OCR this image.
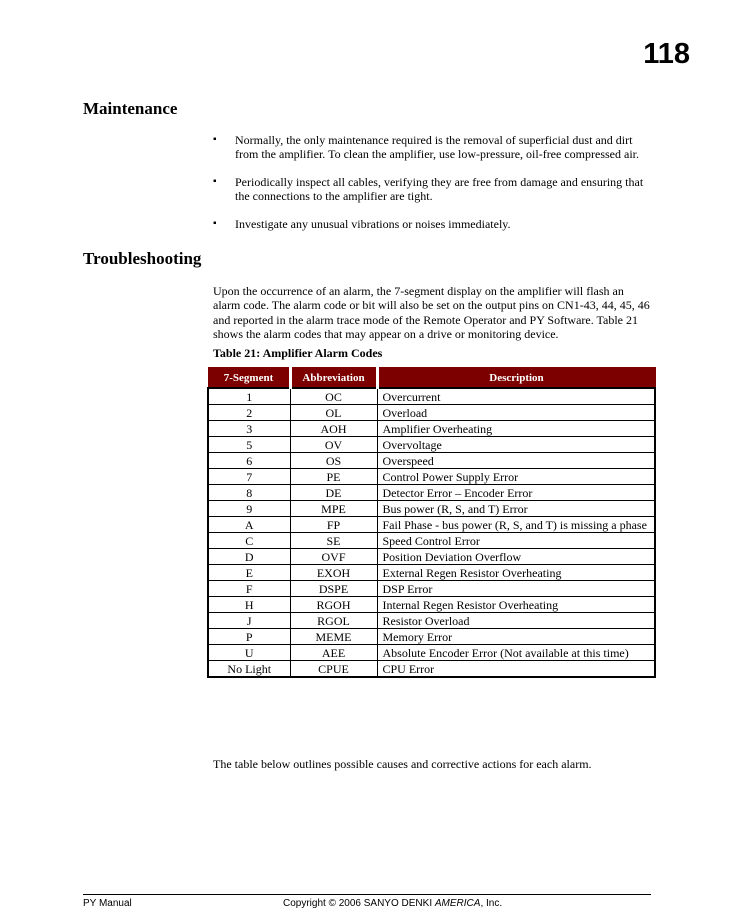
118
Maintenance
▪ Normally, the only maintenance required is the removal of superficial dust and dirt from the amplifier. To clean the amplifier, use low-pressure, oil-free compressed air.
▪ Periodically inspect all cables, verifying they are free from damage and ensuring that the connections to the amplifier are tight.
▪ Investigate any unusual vibrations or noises immediately.
Troubleshooting

Upon the occurrence of an alarm, the 7-segment display on the amplifier will flash an alarm code. The alarm code or bit will also be set on the output pins on CN1-43, 44, 45, 46 and reported in the alarm trace mode of the Remote Operator and PY Software. Table 21 shows the alarm codes that may appear on a drive or monitoring device.

Table 21: Amplifier Alarm Codes
7-Segment	Abbreviation	Description
1	OC	Overcurrent
2	OL	Overload
3	AOH	Amplifier Overheating
5	OV	Overvoltage
6	OS	Overspeed
7	PE	Control Power Supply Error
8	DE	Detector Error – Encoder Error
9	MPE	Bus power (R, S, and T) Error
A	FP	Fail Phase - bus power (R, S, and T) is missing a phase
C	SE	Speed Control Error
D	OVF	Position Deviation Overflow
E	EXOH	External Regen Resistor Overheating
F	DSPE	DSP Error
H	RGOH	Internal Regen Resistor Overheating
J	RGOL	Resistor Overload
P	MEME	Memory Error
U	AEE	Absolute Encoder Error (Not available at this time)
No Light	CPUE	CPU Error

The table below outlines possible causes and corrective actions for each alarm.

PY Manual	Copyright © 2006 SANYO DENKI AMERICA, Inc.
